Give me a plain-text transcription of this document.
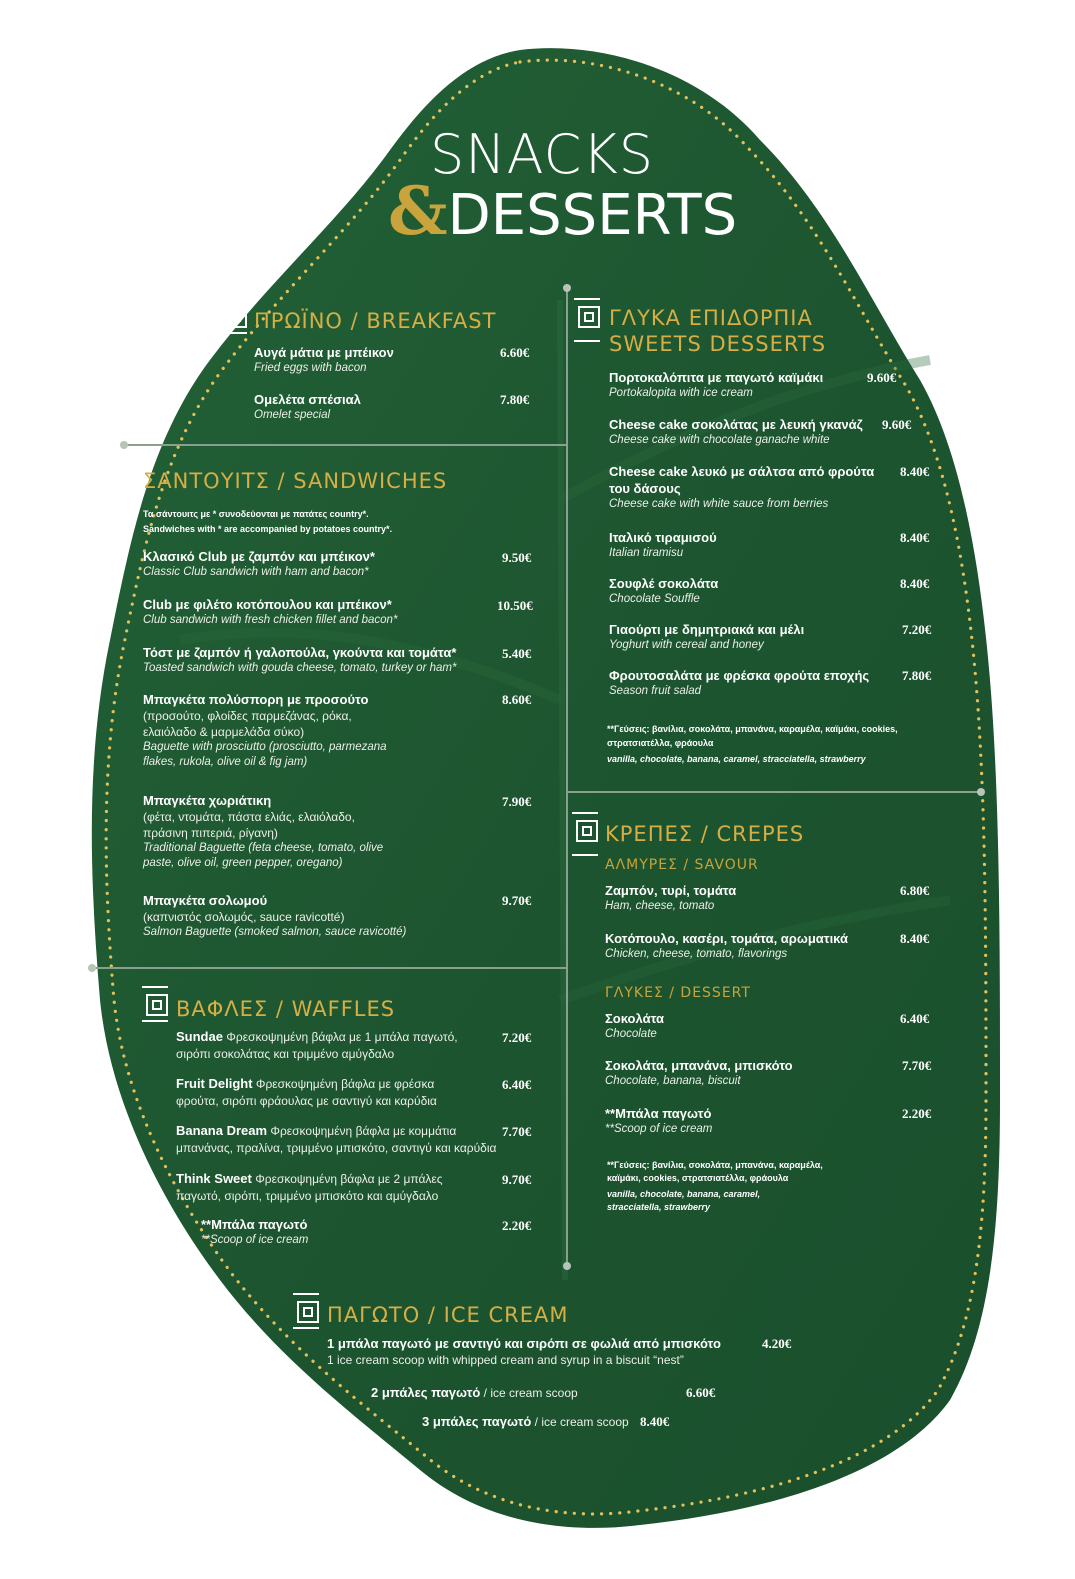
SNACKS
&DESSERTS
ΠΡΩΪΝΟ / BREAKFAST
Αυγά μάτια με μπέικον
Fried eggs with bacon
6.60€
Ομελέτα σπέσιαλ
Omelet special
7.80€
ΣΑΝΤΟΥΙΤΣ / SANDWICHES
Τα σάντουιτς με * συνοδεύονται με πατάτες country*.
Sandwiches with * are accompanied by potatoes country*.
Κλασικό Club με ζαμπόν και μπέικον*
Classic Club sandwich with ham and bacon*
9.50€
Club με φιλέτο κοτόπουλου και μπέικον*
Club sandwich with fresh chicken fillet and bacon*
10.50€
Τόστ με ζαμπόν ή γαλοπούλα, γκούντα και τομάτα*
Toasted sandwich with gouda cheese, tomato, turkey or ham*
5.40€
Μπαγκέτα πολύσπορη με προσούτο
(προσούτο, φλοίδες παρμεζάνας, ρόκα,
ελαιόλαδο & μαρμελάδα σύκο)
Baguette with prosciutto (prosciutto, parmezana
flakes, rukola, olive oil & fig jam)
8.60€
Μπαγκέτα χωριάτικη
(φέτα, ντομάτα, πάστα ελιάς, ελαιόλαδο,
πράσινη πιπεριά, ρίγανη)
Traditional Baguette (feta cheese, tomato, olive
paste, olive oil, green pepper, oregano)
7.90€
Μπαγκέτα σολωμού
(καπνιστός σολωμός, sauce ravicotté)
Salmon Baguette (smoked salmon, sauce ravicotté)
9.70€
ΒΑΦΛΕΣ / WAFFLES
Sundae Φρεσκοψημένη βάφλα με 1 μπάλα παγωτό,
σιρόπι σοκολάτας και τριμμένο αμύγδαλο
7.20€
Fruit Delight Φρεσκοψημένη βάφλα με φρέσκα
φρούτα, σιρόπι φράουλας με σαντιγύ και καρύδια
6.40€
Banana Dream Φρεσκοψημένη βάφλα με κομμάτια
μπανάνας, πραλίνα, τριμμένο μπισκότο, σαντιγύ και καρύδια
7.70€
Think Sweet Φρεσκοψημένη βάφλα με 2 μπάλες
παγωτό, σιρόπι, τριμμένο μπισκότο και αμύγδαλο
9.70€
**Μπάλα παγωτό
**Scoop of ice cream
2.20€
ΓΛΥΚΑ ΕΠΙΔΟΡΠΙΑ
SWEETS DESSERTS
Πορτοκαλόπιτα με παγωτό καϊμάκι
Portokalopita with ice cream
9.60€
Cheese cake σοκολάτας με λευκή γκανάζ
Cheese cake with chocolate ganache white
9.60€
Cheese cake λευκό με σάλτσα από φρούτα
του δάσους
Cheese cake with white sauce from berries
8.40€
Ιταλικό τιραμισού
Italian tiramisu
8.40€
Σουφλέ σοκολάτα
Chocolate Souffle
8.40€
Γιαούρτι με δημητριακά και μέλι
Yoghurt with cereal and honey
7.20€
Φρουτοσαλάτα με φρέσκα φρούτα εποχής
Season fruit salad
7.80€
**Γεύσεις: βανίλια, σοκολάτα, μπανάνα, καραμέλα, καϊμάκι, cookies,
στρατσιατέλλα, φράουλα
vanilla, chocolate, banana, caramel, stracciatella, strawberry
ΚΡΕΠΕΣ / CREPES
ΑΛΜΥΡΕΣ / SAVOUR
Ζαμπόν, τυρί, τομάτα
Ham, cheese, tomato
6.80€
Κοτόπουλο, κασέρι, τομάτα, αρωματικά
Chicken, cheese, tomato, flavorings
8.40€
ΓΛΥΚΕΣ / DESSERT
Σοκολάτα
Chocolate
6.40€
Σοκολάτα, μπανάνα, μπισκότο
Chocolate, banana, biscuit
7.70€
**Μπάλα παγωτό
**Scoop of ice cream
2.20€
**Γεύσεις: βανίλια, σοκολάτα, μπανάνα, καραμέλα,
καϊμάκι, cookies, στρατσιατέλλα, φράουλα
vanilla, chocolate, banana, caramel,
stracciatella, strawberry
ΠΑΓΩΤΟ / ICE CREAM
1 μπάλα παγωτό με σαντιγύ και σιρόπι σε φωλιά από μπισκότο
1 ice cream scoop with whipped cream and syrup in a biscuit “nest”
4.20€
2 μπάλες παγωτό / ice cream scoop	6.60€
3 μπάλες παγωτό / ice cream scoop 8.40€
